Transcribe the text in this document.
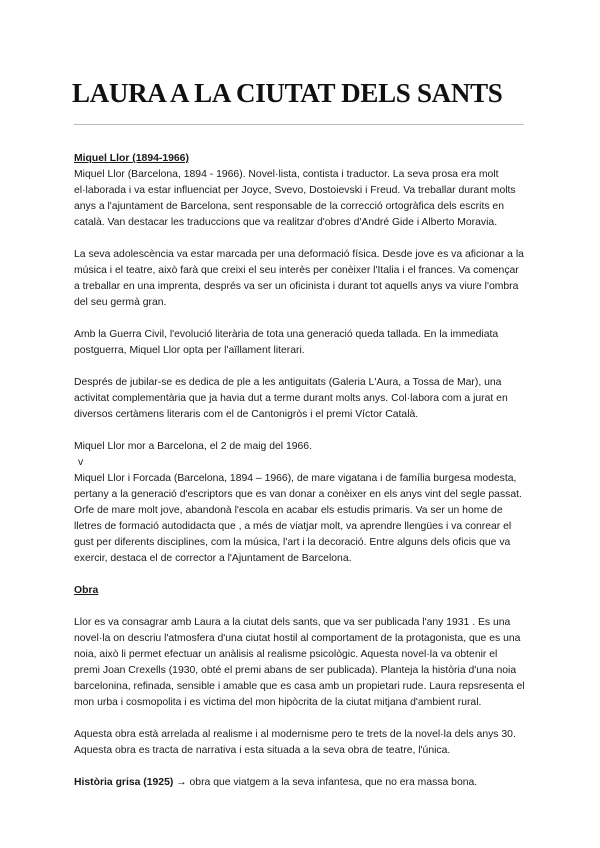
LAURA A LA CIUTAT DELS SANTS

Miquel Llor (1894-1966)

Miquel Llor (Barcelona, 1894 - 1966). Novel·lista, contista i traductor. La seva prosa era molt el·laborada i va estar influenciat per Joyce, Svevo, Dostoievski i Freud. Va treballar durant molts anys a l'ajuntament de Barcelona, sent responsable de la correcció ortogràfica dels escrits en català. Van destacar les traduccions que va realitzar d'obres d'André Gide i Alberto Moravia.

La seva adolescència va estar marcada per una deformació física. Desde jove es va aficionar a la música i el teatre, això farà que creixi el seu interès per conèixer l'Italia i el frances. Va començar a treballar en una imprenta, després va ser un oficinista i durant tot aquells anys va viure l'ombra del seu germà gran.

Amb la Guerra Civil, l'evolució literària de tota una generació queda tallada. En la immediata postguerra, Miquel Llor opta per l'aïllament literari.

Després de jubilar-se es dedica de ple a les antiguitats (Galeria L'Aura, a Tossa de Mar), una activitat complementària que ja havia dut a terme durant molts anys. Col·labora com a jurat en diversos certàmens literaris com el de Cantonigròs i el premi Víctor Català.

Miquel Llor mor a Barcelona, el 2 de maig del 1966.

v

Miquel Llor i Forcada (Barcelona, 1894 – 1966), de mare vigatana i de família burgesa modesta, pertany a la generació d'escriptors que es van donar a conèixer en els anys vint del segle passat. Orfe de mare molt jove, abandonà l'escola en acabar els estudis primaris. Va ser un home de lletres de formació autodidacta que , a més de viatjar molt, va aprendre llengües i va conrear el gust per diferents disciplines, com la música, l'art i la decoració. Entre alguns dels oficis que va exercir, destaca el de corrector a l'Ajuntament de Barcelona.

Obra

Llor es va consagrar amb Laura a la ciutat dels sants, que va ser publicada l'any 1931 . Es una novel·la on descriu l'atmosfera d'una ciutat hostil al comportament de la protagonista, que es una noia, això li permet efectuar un anàlisis al realisme psicològic. Aquesta novel·la va obtenir el premi Joan Crexells (1930, obté el premi abans de ser publicada). Planteja la història d'una noia barcelonina, refinada, sensible i amable que es casa amb un propietari rude. Laura repsresenta el mon urba i cosmopolita i es victima del mon hipòcrita de la ciutat mitjana d'ambient rural.

Aquesta obra està arrelada al realisme i al modernisme pero te trets de la novel·la dels anys 30. Aquesta obra es tracta de narrativa i esta situada a la seva obra de teatre, l'única.

Història grisa (1925) → obra que viatgem a la seva infantesa, que no era massa bona.
